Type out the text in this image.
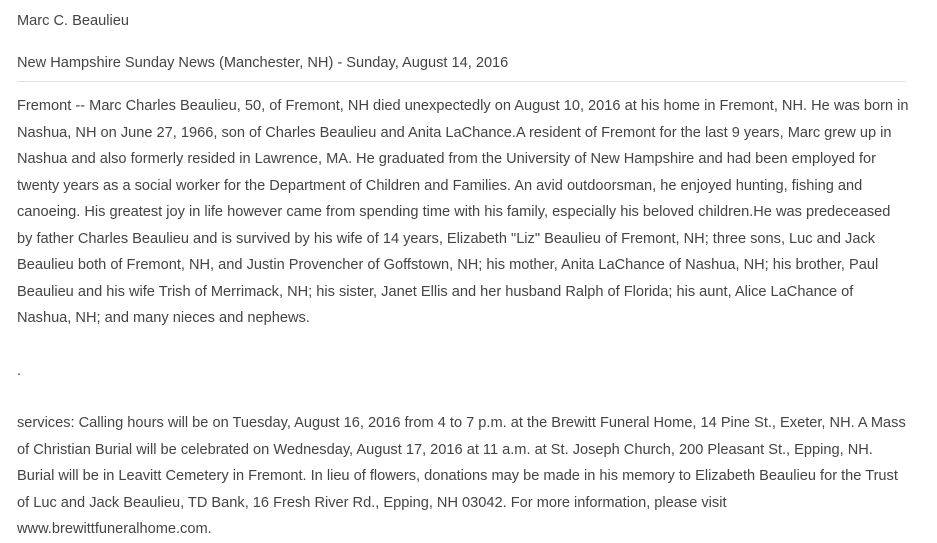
Marc C. Beaulieu
New Hampshire Sunday News (Manchester, NH) - Sunday, August 14, 2016

Fremont -- Marc Charles Beaulieu, 50, of Fremont, NH died unexpectedly on August 10, 2016 at his home in Fremont, NH. He was born in Nashua, NH on June 27, 1966, son of Charles Beaulieu and Anita LaChance.A resident of Fremont for the last 9 years, Marc grew up in Nashua and also formerly resided in Lawrence, MA. He graduated from the University of New Hampshire and had been employed for twenty years as a social worker for the Department of Children and Families. An avid outdoorsman, he enjoyed hunting, fishing and canoeing. His greatest joy in life however came from spending time with his family, especially his beloved children.He was predeceased by father Charles Beaulieu and is survived by his wife of 14 years, Elizabeth "Liz" Beaulieu of Fremont, NH; three sons, Luc and Jack Beaulieu both of Fremont, NH, and Justin Provencher of Goffstown, NH; his mother, Anita LaChance of Nashua, NH; his brother, Paul Beaulieu and his wife Trish of Merrimack, NH; his sister, Janet Ellis and her husband Ralph of Florida; his aunt, Alice LaChance of Nashua, NH; and many nieces and nephews.

.

services: Calling hours will be on Tuesday, August 16, 2016 from 4 to 7 p.m. at the Brewitt Funeral Home, 14 Pine St., Exeter, NH. A Mass of Christian Burial will be celebrated on Wednesday, August 17, 2016 at 11 a.m. at St. Joseph Church, 200 Pleasant St., Epping, NH. Burial will be in Leavitt Cemetery in Fremont. In lieu of flowers, donations may be made in his memory to Elizabeth Beaulieu for the Trust of Luc and Jack Beaulieu, TD Bank, 16 Fresh River Rd., Epping, NH 03042. For more information, please visit www.brewittfuneralhome.com.
